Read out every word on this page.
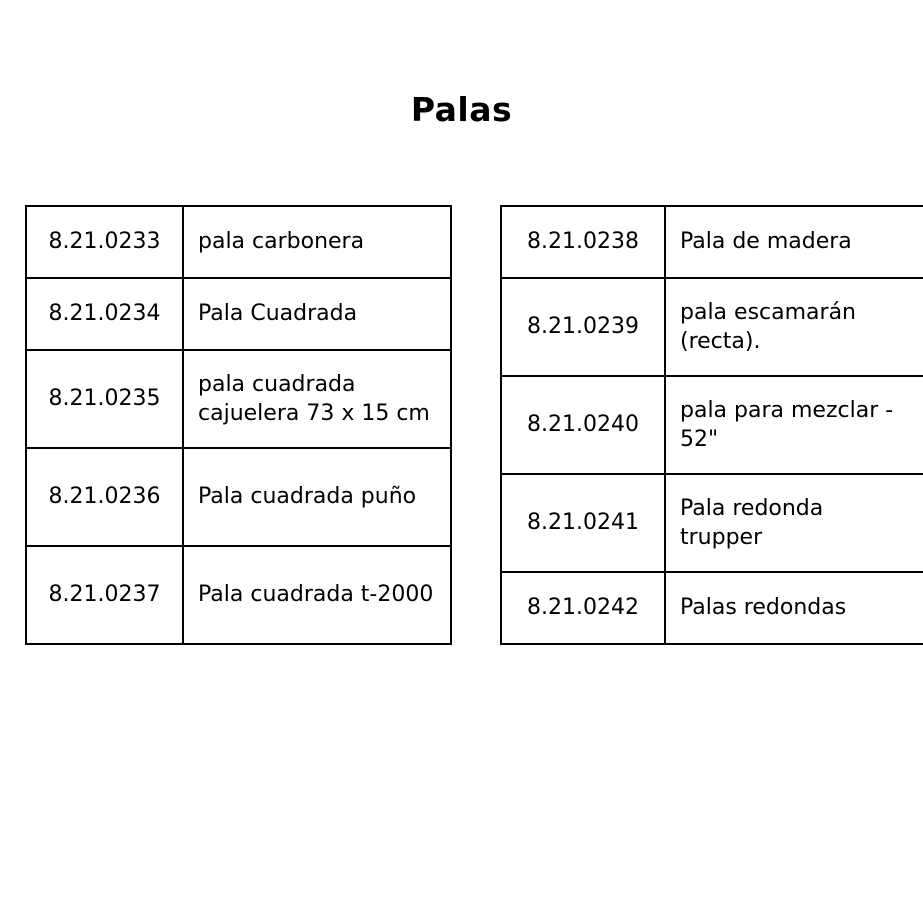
Palas
8.21.0233	pala carbonera
8.21.0234	Pala Cuadrada
8.21.0235	pala cuadrada cajuelera 73 x 15 cm
8.21.0236	Pala cuadrada puño
8.21.0237	Pala cuadrada t-2000
8.21.0238	Pala de madera
8.21.0239	pala escamarán (recta).
8.21.0240	pala para mezclar - 52"
8.21.0241	Pala redonda trupper
8.21.0242	Palas redondas
